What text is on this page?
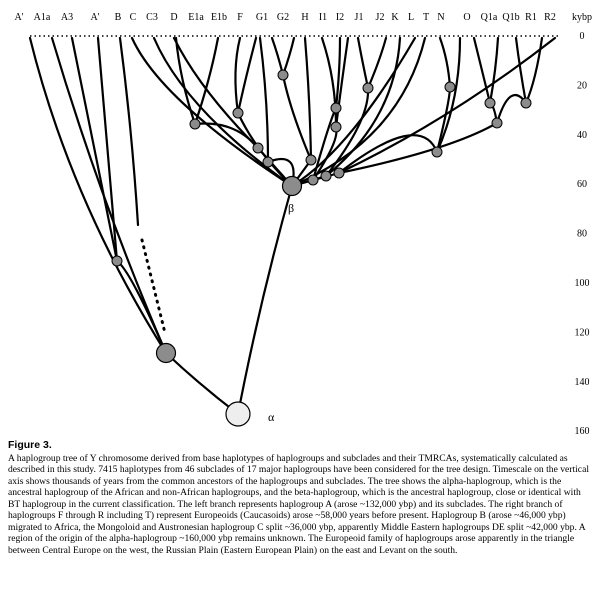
A' A1a A3 A' B C C3 D E1a E1b F G1 G2 H I1 I2 J1 J2 K L T N O Q1a Q1b R1 R2 kybp
0
20
40
60
80
100
120
140
160
α
β
Figure 3.

A haplogroup tree of Y chromosome derived from base haplotypes of haplogroups and subclades and their TMRCAs, systematically calculated as described in this study. 7415 haplotypes from 46 subclades of 17 major haplogroups have been considered for the tree design. Timescale on the vertical axis shows thousands of years from the common ancestors of the haplogroups and subclades. The tree shows the alpha-haplogroup, which is the ancestral haplogroup of the African and non-African haplogroups, and the beta-haplogroup, which is the ancestral haplogroup, close or identical with BT haplogroup in the current classification. The left branch represents haplogroup A (arose ~132,000 ybp) and its subclades. The right branch of haplogroups F through R including T) represent Europeoids (Caucasoids) arose ~58,000 years before present. Haplogroup B (arose ~46,000 ybp) migrated to Africa, the Mongoloid and Austronesian haplogroup C split ~36,000 ybp, apparently Middle Eastern haplogroups DE split ~42,000 ybp. A region of the origin of the alpha-haplogroup ~160,000 ybp remains unknown. The Europeoid family of haplogroups arose apparently in the triangle between Central Europe on the west, the Russian Plain (Eastern European Plain) on the east and Levant on the south.
